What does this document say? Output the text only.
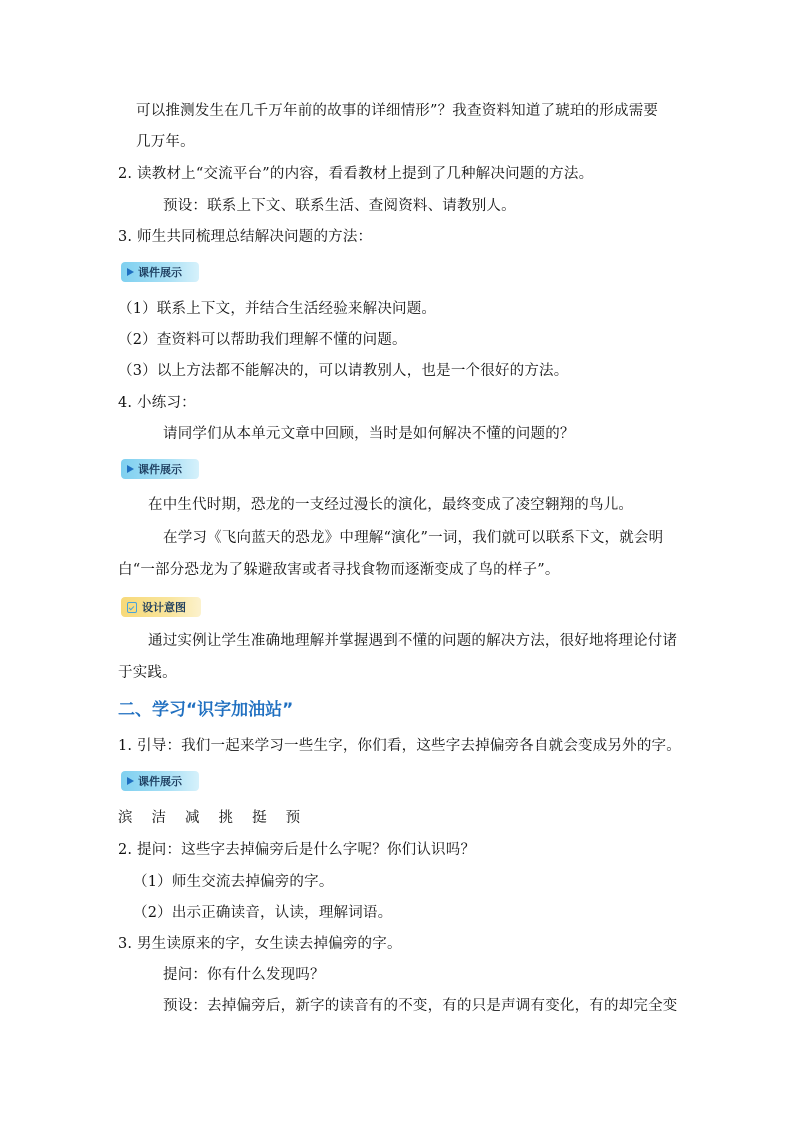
可以推测发生在几千万年前的故事的详细情形”？我查资料知道了琥珀的形成需要
几万年。
2. 读教材上“交流平台”的内容，看看教材上提到了几种解决问题的方法。
预设：联系上下文、联系生活、查阅资料、请教别人。
3. 师生共同梳理总结解决问题的方法：
课件展示
（1）联系上下文，并结合生活经验来解决问题。
（2）查资料可以帮助我们理解不懂的问题。
（3）以上方法都不能解决的，可以请教别人，也是一个很好的方法。
4. 小练习：
请同学们从本单元文章中回顾，当时是如何解决不懂的问题的？
课件展示
在中生代时期，恐龙的一支经过漫长的演化，最终变成了凌空翱翔的鸟儿。
在学习《飞向蓝天的恐龙》中理解“演化”一词，我们就可以联系下文，就会明
白“一部分恐龙为了躲避敌害或者寻找食物而逐渐变成了鸟的样子”。
设计意图
通过实例让学生准确地理解并掌握遇到不懂的问题的解决方法，很好地将理论付诸
于实践。
二、学习“识字加油站”
1. 引导：我们一起来学习一些生字，你们看，这些字去掉偏旁各自就会变成另外的字。
课件展示
滨 洁 减 挑 挺 预
2. 提问：这些字去掉偏旁后是什么字呢？你们认识吗？
（1）师生交流去掉偏旁的字。
（2）出示正确读音，认读，理解词语。
3. 男生读原来的字，女生读去掉偏旁的字。
提问：你有什么发现吗？
预设：去掉偏旁后，新字的读音有的不变，有的只是声调有变化，有的却完全变
